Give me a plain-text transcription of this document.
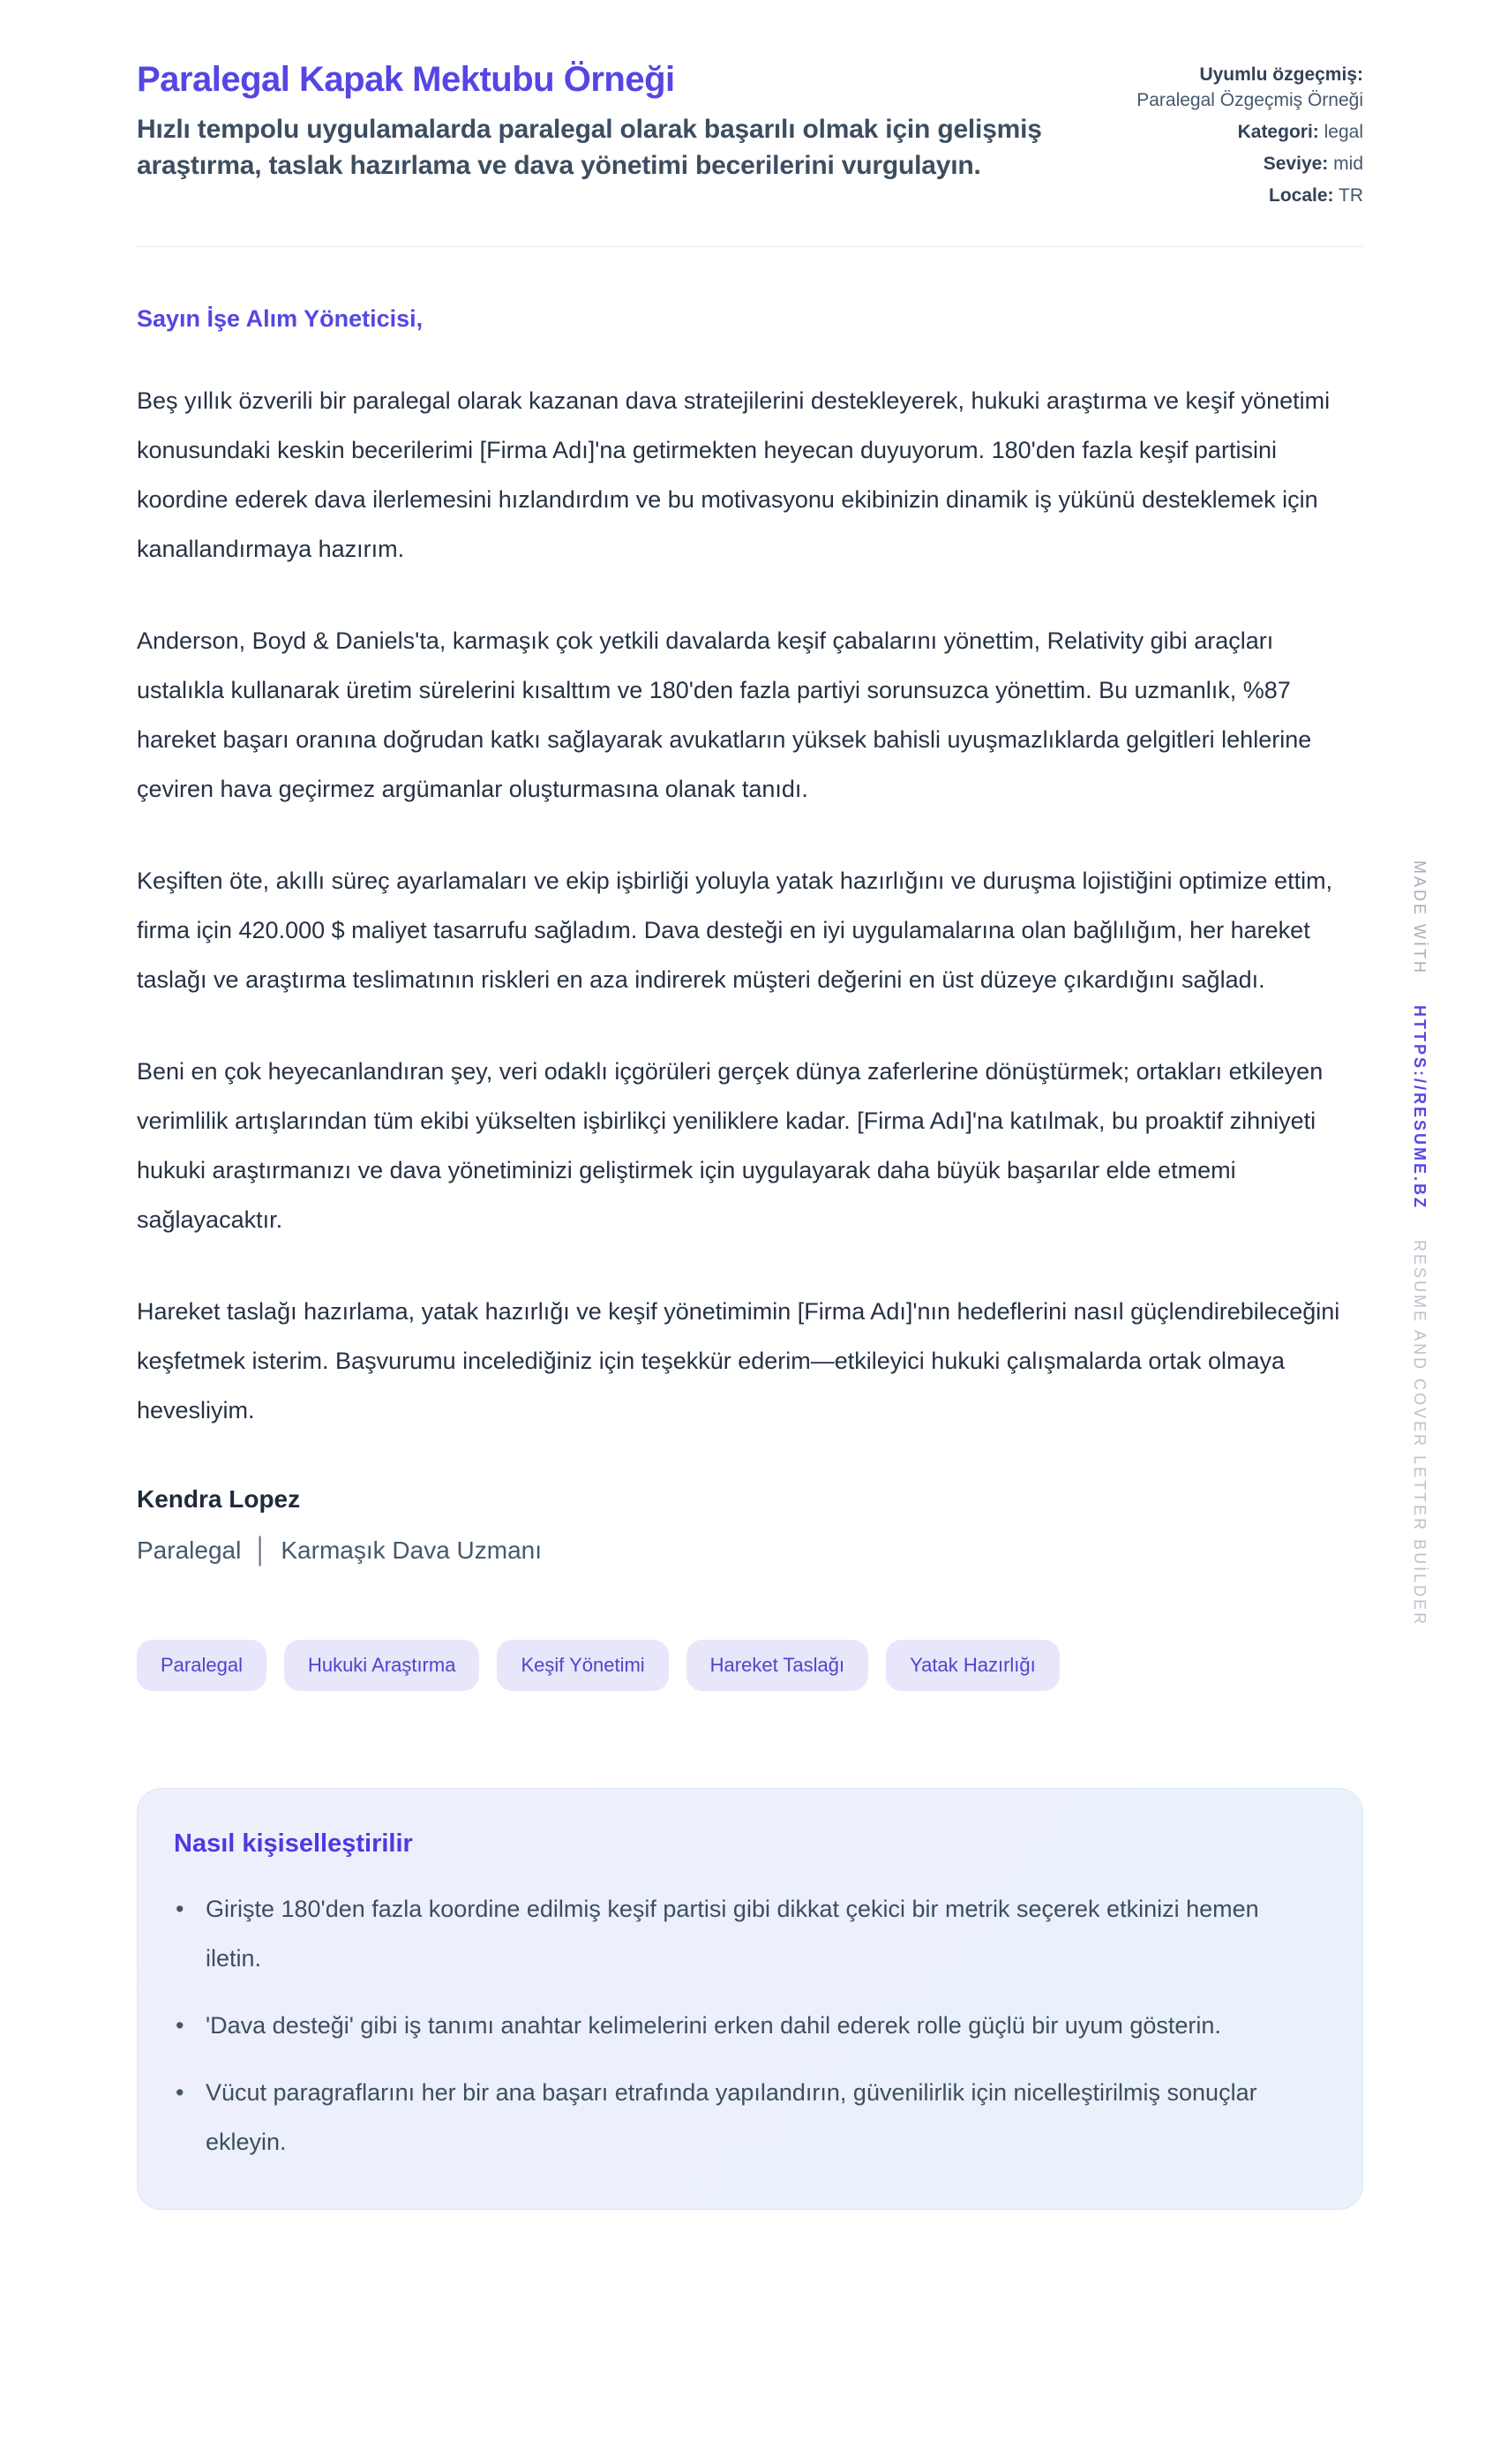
Paralegal Kapak Mektubu Örneği

Hızlı tempolu uygulamalarda paralegal olarak başarılı olmak için gelişmiş araştırma, taslak hazırlama ve dava yönetimi becerilerini vurgulayın.

Uyumlu özgeçmiş: Paralegal Özgeçmiş Örneği
Kategori: legal
Seviye: mid
Locale: TR

Sayın İşe Alım Yöneticisi,

Beş yıllık özverili bir paralegal olarak kazanan dava stratejilerini destekleyerek, hukuki araştırma ve keşif yönetimi konusundaki keskin becerilerimi [Firma Adı]'na getirmekten heyecan duyuyorum. 180'den fazla keşif partisini koordine ederek dava ilerlemesini hızlandırdım ve bu motivasyonu ekibinizin dinamik iş yükünü desteklemek için kanallandırmaya hazırım.

Anderson, Boyd & Daniels'ta, karmaşık çok yetkili davalarda keşif çabalarını yönettim, Relativity gibi araçları ustalıkla kullanarak üretim sürelerini kısalttım ve 180'den fazla partiyi sorunsuzca yönettim. Bu uzmanlık, %87 hareket başarı oranına doğrudan katkı sağlayarak avukatların yüksek bahisli uyuşmazlıklarda gelgitleri lehlerine çeviren hava geçirmez argümanlar oluşturmasına olanak tanıdı.

Keşiften öte, akıllı süreç ayarlamaları ve ekip işbirliği yoluyla yatak hazırlığını ve duruşma lojistiğini optimize ettim, firma için 420.000 $ maliyet tasarrufu sağladım. Dava desteği en iyi uygulamalarına olan bağlılığım, her hareket taslağı ve araştırma teslimatının riskleri en aza indirerek müşteri değerini en üst düzeye çıkardığını sağladı.

Beni en çok heyecanlandıran şey, veri odaklı içgörüleri gerçek dünya zaferlerine dönüştürmek; ortakları etkileyen verimlilik artışlarından tüm ekibi yükselten işbirlikçi yeniliklere kadar. [Firma Adı]'na katılmak, bu proaktif zihniyeti hukuki araştırmanızı ve dava yönetiminizi geliştirmek için uygulayarak daha büyük başarılar elde etmemi sağlayacaktır.

Hareket taslağı hazırlama, yatak hazırlığı ve keşif yönetimimin [Firma Adı]'nın hedeflerini nasıl güçlendirebileceğini keşfetmek isterim. Başvurumu incelediğiniz için teşekkür ederim—etkileyici hukuki çalışmalarda ortak olmaya hevesliyim.

Kendra Lopez

Paralegal │ Karmaşık Dava Uzmanı

Paralegal	Hukuki Araştırma	Keşif Yönetimi	Hareket Taslağı	Yatak Hazırlığı
Nasıl kişiselleştirilir
• Girişte 180'den fazla koordine edilmiş keşif partisi gibi dikkat çekici bir metrik seçerek etkinizi hemen iletin.
• 'Dava desteği' gibi iş tanımı anahtar kelimelerini erken dahil ederek rolle güçlü bir uyum gösterin.
• Vücut paragraflarını her bir ana başarı etrafında yapılandırın, güvenilirlik için nicelleştirilmiş sonuçlar ekleyin.
MADE WİTH HTTPS://RESUME.BZ RESUME AND COVER LETTER BUİLDER
